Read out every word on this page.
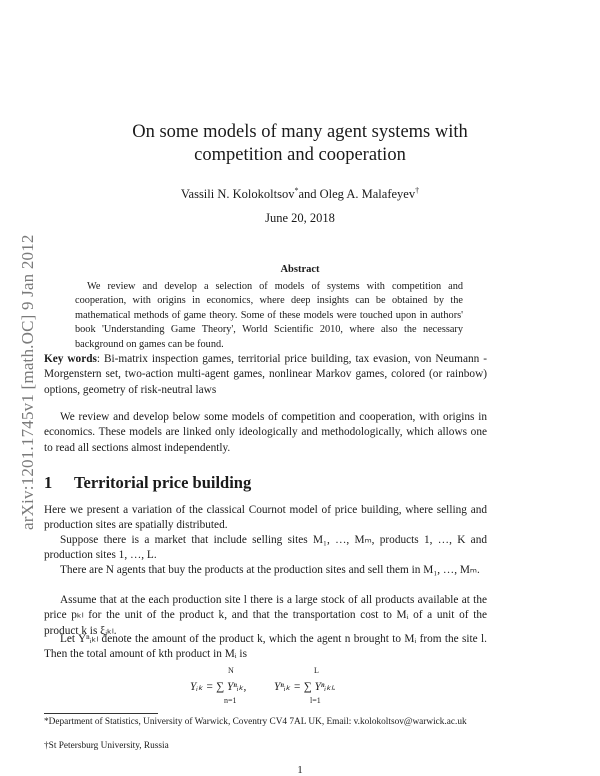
arXiv:1201.1745v1 [math.OC] 9 Jan 2012
On some models of many agent systems with
competition and cooperation
Vassili N. Kolokoltsov*and Oleg A. Malafeyev†
June 20, 2018
Abstract
We review and develop a selection of models of systems with competition and cooperation, with origins in economics, where deep insights can be obtained by the mathematical methods of game theory. Some of these models were touched upon in authors' book 'Understanding Game Theory', World Scientific 2010, where also the necessary background on games can be found.
Key words: Bi-matrix inspection games, territorial price building, tax evasion, von Neumann - Morgenstern set, two-action multi-agent games, nonlinear Markov games, colored (or rainbow) options, geometry of risk-neutral laws
We review and develop below some models of competition and cooperation, with origins in economics. These models are linked only ideologically and methodologically, which allows one to read all sections almost independently.
1 Territorial price building
Here we present a variation of the classical Cournot model of price building, where selling and production sites are spatially distributed.
Suppose there is a market that include selling sites M₁, …, Mₘ, products 1, …, K and production sites 1, …, L.
There are N agents that buy the products at the production sites and sell them in M₁, …, Mₘ.
Assume that at the each production site l there is a large stock of all products available at the price pₖₗ for the unit of the product k, and that the transportation cost to Mᵢ of a unit of the product k is ξᵢₖₗ.
Let Yⁿᵢₖₗ denote the amount of the product k, which the agent n brought to Mᵢ from the site l. Then the total amount of kth product in Mᵢ is
Yᵢₖ = ∑ Yⁿᵢₖ,
N
n=1
Yⁿᵢₖ = ∑ Yⁿᵢₖₗ.
L
l=1
*Department of Statistics, University of Warwick, Coventry CV4 7AL UK, Email: v.kolokoltsov@warwick.ac.uk
†St Petersburg University, Russia
1
